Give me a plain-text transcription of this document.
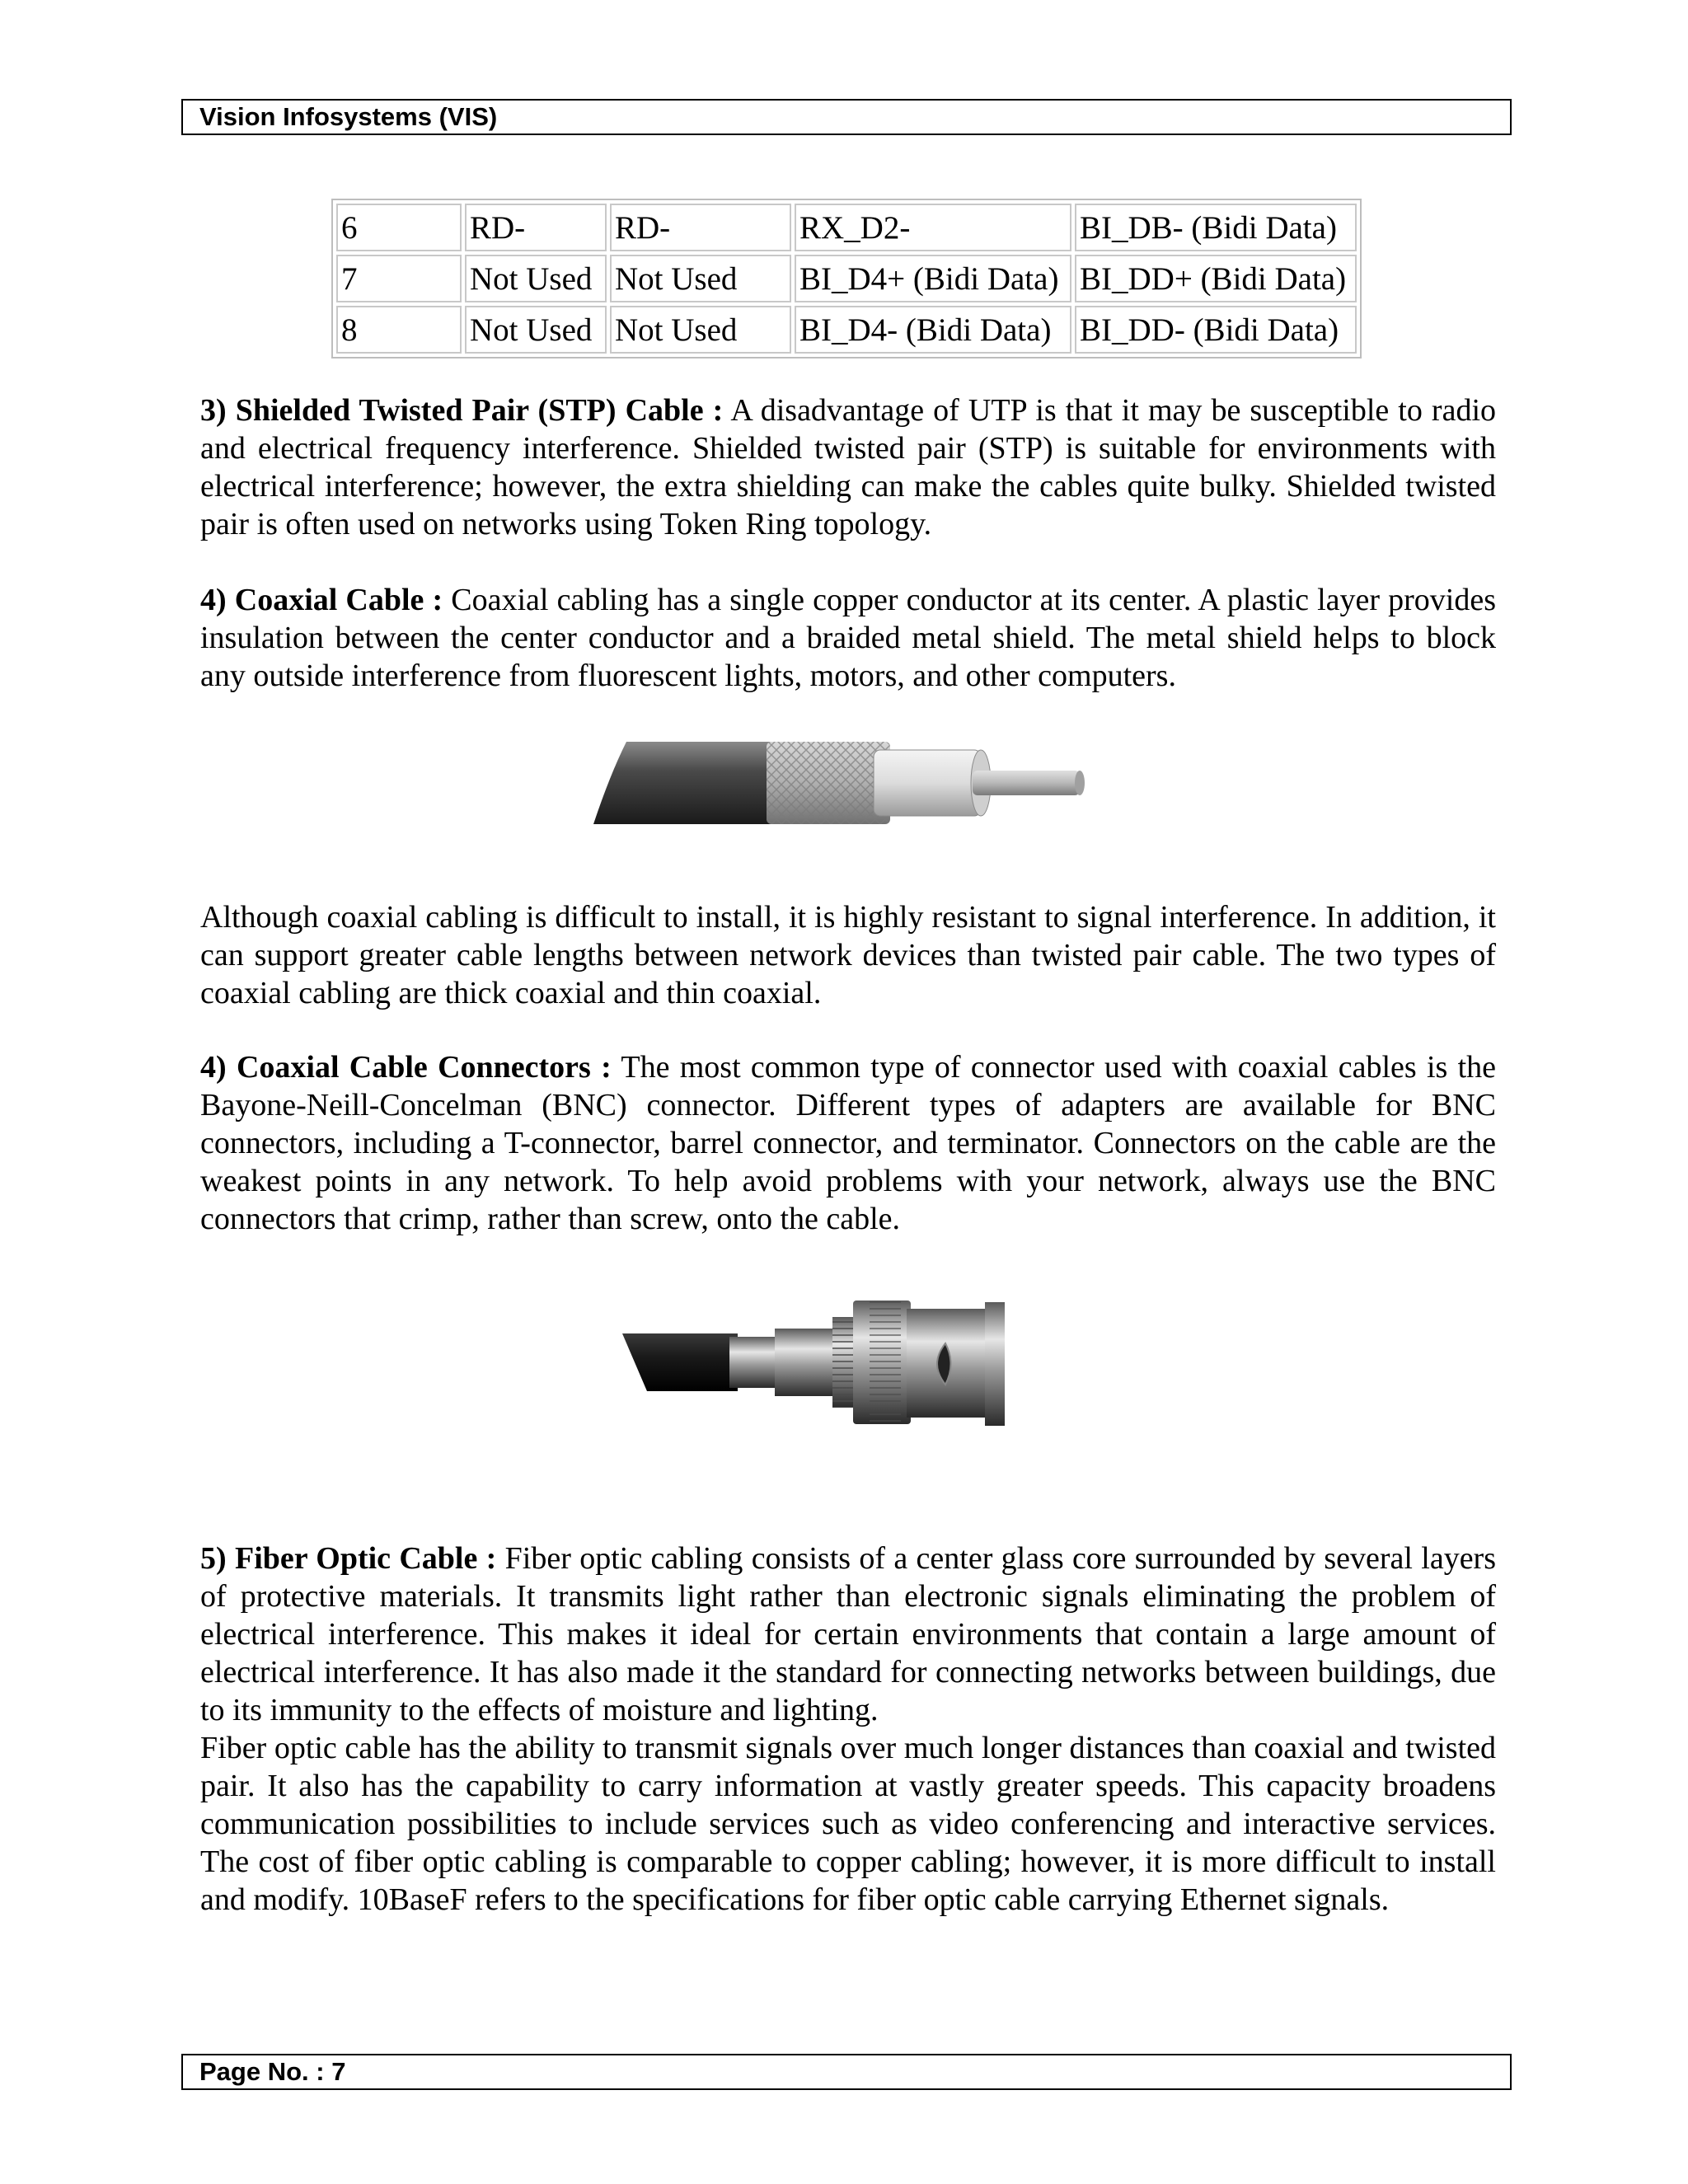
Vision Infosystems (VIS)
6	RD-	RD-	RX_D2-	BI_DB- (Bidi Data)
7	Not Used	Not Used	BI_D4+ (Bidi Data)	BI_DD+ (Bidi Data)
8	Not Used	Not Used	BI_D4- (Bidi Data)	BI_DD- (Bidi Data)

3) Shielded Twisted Pair (STP) Cable : A disadvantage of UTP is that it may be susceptible to radio and electrical frequency interference. Shielded twisted pair (STP) is suitable for environments with electrical interference; however, the extra shielding can make the cables quite bulky. Shielded twisted pair is often used on networks using Token Ring topology.

4) Coaxial Cable : Coaxial cabling has a single copper conductor at its center. A plastic layer provides insulation between the center conductor and a braided metal shield. The metal shield helps to block any outside interference from fluorescent lights, motors, and other computers.

Although coaxial cabling is difficult to install, it is highly resistant to signal interference. In addition, it can support greater cable lengths between network devices than twisted pair cable. The two types of coaxial cabling are thick coaxial and thin coaxial.

4) Coaxial Cable Connectors : The most common type of connector used with coaxial cables is the Bayone-Neill-Concelman (BNC) connector. Different types of adapters are available for BNC connectors, including a T-connector, barrel connector, and terminator. Connectors on the cable are the weakest points in any network. To help avoid problems with your network, always use the BNC connectors that crimp, rather than screw, onto the cable.

5) Fiber Optic Cable : Fiber optic cabling consists of a center glass core surrounded by several layers of protective materials. It transmits light rather than electronic signals eliminating the problem of electrical interference. This makes it ideal for certain environments that contain a large amount of electrical interference. It has also made it the standard for connecting networks between buildings, due to its immunity to the effects of moisture and lighting.
Fiber optic cable has the ability to transmit signals over much longer distances than coaxial and twisted pair. It also has the capability to carry information at vastly greater speeds. This capacity broadens communication possibilities to include services such as video conferencing and interactive services. The cost of fiber optic cabling is comparable to copper cabling; however, it is more difficult to install and modify. 10BaseF refers to the specifications for fiber optic cable carrying Ethernet signals.

Page No. : 7
